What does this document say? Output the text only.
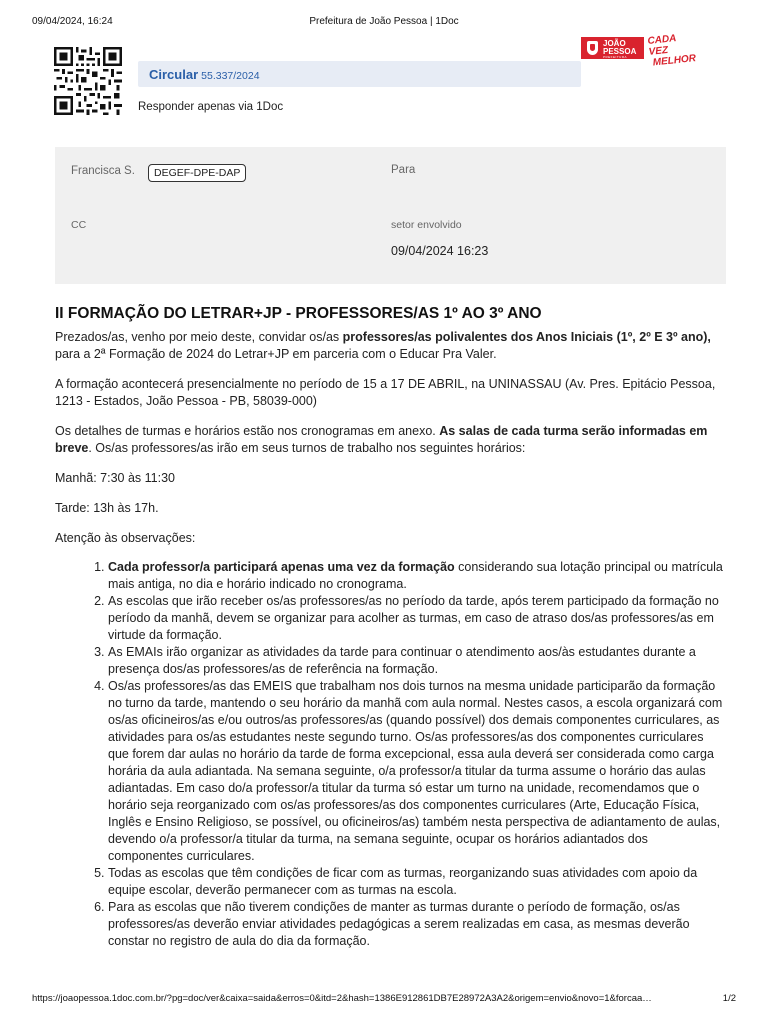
09/04/2024, 16:24	Prefeitura de João Pessoa | 1Doc
Circular 55.337/2024
Responder apenas via 1Doc
JOÃO
PESSOA
PREFEITURA
CADA VEZ
MELHOR
Francisca S.	DEGEF-DPE-DAP	Para
CC	setor envolvido
09/04/2024 16:23
II FORMAÇÃO DO LETRAR+JP - PROFESSORES/AS 1º AO 3º ANO

Prezados/as, venho por meio deste, convidar os/as professores/as polivalentes dos Anos Iniciais (1º, 2º E 3º ano), para a 2ª Formação de 2024 do Letrar+JP em parceria com o Educar Pra Valer.

A formação acontecerá presencialmente no período de 15 a 17 DE ABRIL, na UNINASSAU (Av. Pres. Epitácio Pessoa, 1213 - Estados, João Pessoa - PB, 58039-000)

Os detalhes de turmas e horários estão nos cronogramas em anexo. As salas de cada turma serão informadas em breve. Os/as professores/as irão em seus turnos de trabalho nos seguintes horários:

Manhã: 7:30 às 11:30

Tarde: 13h às 17h.

Atenção às observações:

1. Cada professor/a participará apenas uma vez da formação considerando sua lotação principal ou matrícula mais antiga, no dia e horário indicado no cronograma.
2. As escolas que irão receber os/as professores/as no período da tarde, após terem participado da formação no período da manhã, devem se organizar para acolher as turmas, em caso de atraso dos/as professores/as em virtude da formação.
3. As EMAIs irão organizar as atividades da tarde para continuar o atendimento aos/às estudantes durante a presença dos/as professores/as de referência na formação.
4. Os/as professores/as das EMEIS que trabalham nos dois turnos na mesma unidade participarão da formação no turno da tarde, mantendo o seu horário da manhã com aula normal. Nestes casos, a escola organizará com os/as oficineiros/as e/ou outros/as professores/as (quando possível) dos demais componentes curriculares, as atividades para os/as estudantes neste segundo turno. Os/as professores/as dos componentes curriculares que forem dar aulas no horário da tarde de forma excepcional, essa aula deverá ser considerada como carga horária da aula adiantada. Na semana seguinte, o/a professor/a titular da turma assume o horário das aulas adiantadas. Em caso do/a professor/a titular da turma só estar um turno na unidade, recomendamos que o horário seja reorganizado com os/as professores/as dos componentes curriculares (Arte, Educação Física, Inglês e Ensino Religioso, se possível, ou oficineiros/as) também nesta perspectiva de adiantamento de aulas, devendo o/a professor/a titular da turma, na semana seguinte, ocupar os horários adiantados dos componentes curriculares.
5. Todas as escolas que têm condições de ficar com as turmas, reorganizando suas atividades com apoio da equipe escolar, deverão permanecer com as turmas na escola.
6. Para as escolas que não tiverem condições de manter as turmas durante o período de formação, os/as professores/as deverão enviar atividades pedagógicas a serem realizadas em casa, as mesmas deverão constar no registro de aula do dia da formação.
https://joaopessoa.1doc.com.br/?pg=doc/ver&caixa=saida&erros=0&itd=2&hash=1386E912861DB7E28972A3A2&origem=envio&novo=1&forcaa…	1/2
